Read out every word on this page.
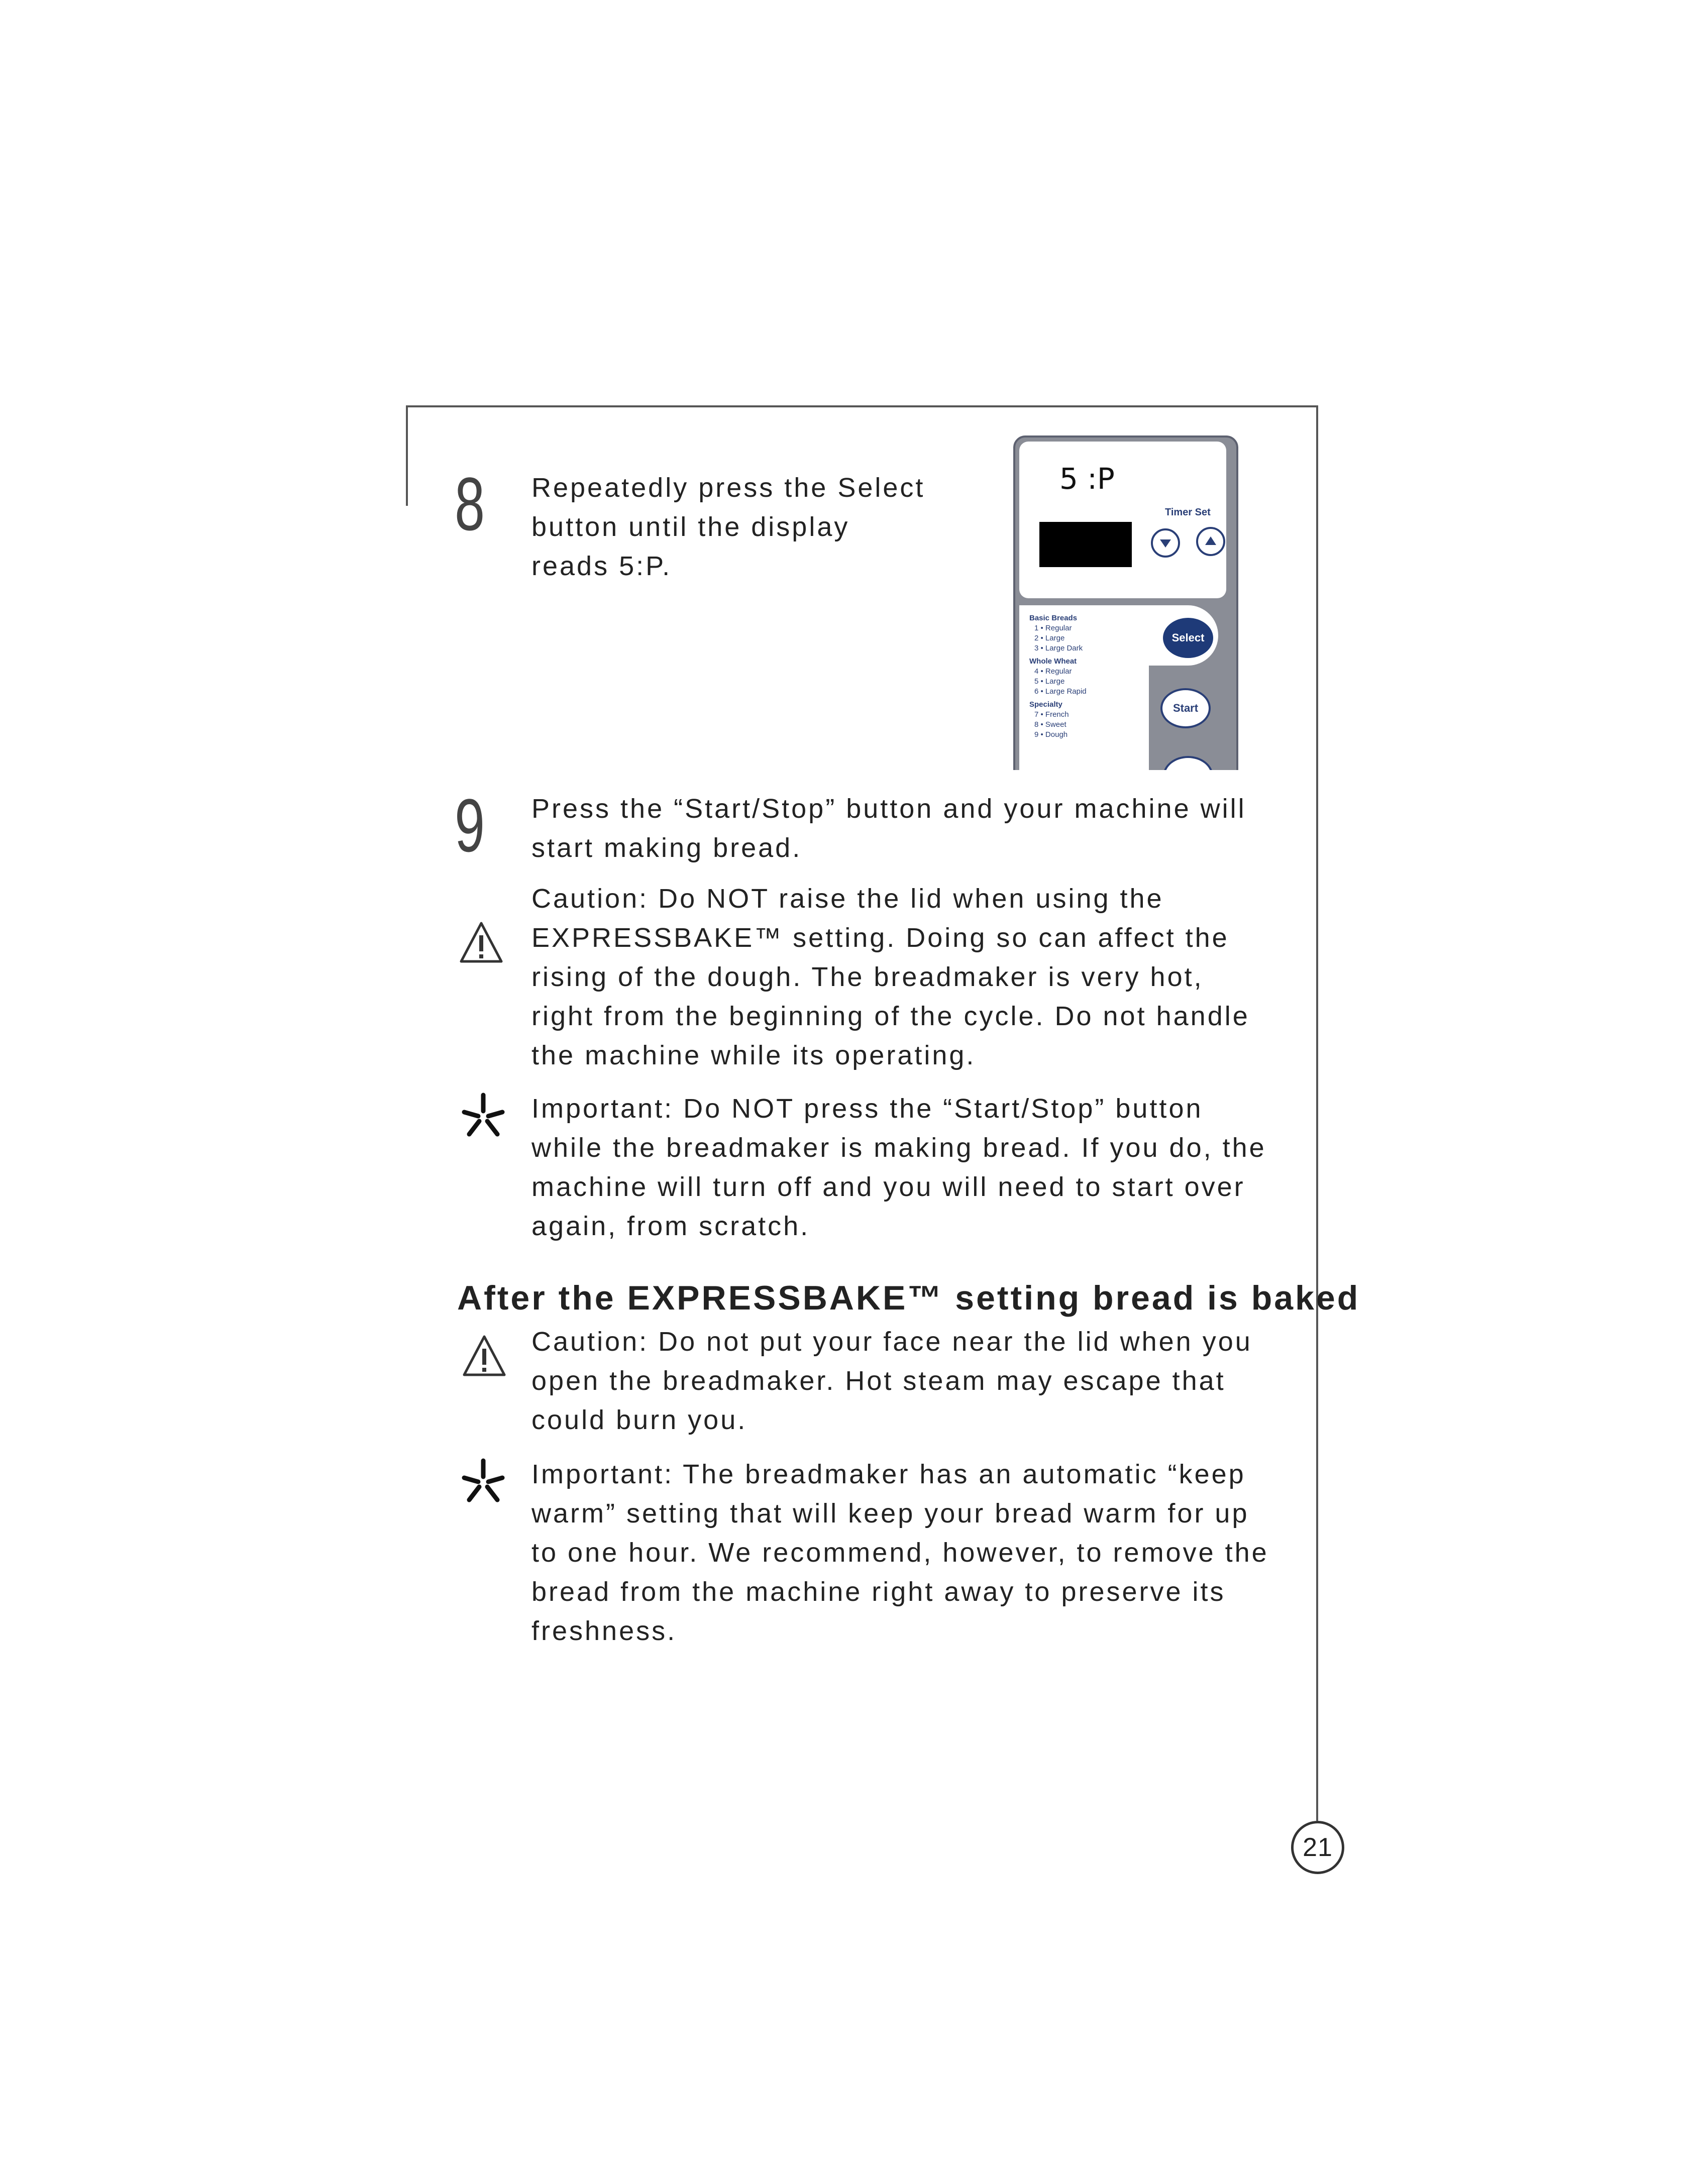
8 Repeatedly press the Select button until the display reads 5:P.

5 :P
Timer Set
Basic Breads
1 • Regular
2 • Large
3 • Large Dark
Whole Wheat
4 • Regular
5 • Large
6 • Large Rapid
Specialty
7 • French
8 • Sweet
9 • Dough
Select
Start
9 Press the “Start/Stop” button and your machine will start making bread.

Caution: Do NOT raise the lid when using the EXPRESSBAKE™ setting. Doing so can affect the rising of the dough. The breadmaker is very hot, right from the beginning of the cycle. Do not handle the machine while its operating.

Important: Do NOT press the “Start/Stop” button while the breadmaker is making bread. If you do, the machine will turn off and you will need to start over again, from scratch.

After the EXPRESSBAKE™ setting bread is baked

Caution: Do not put your face near the lid when you open the breadmaker. Hot steam may escape that could burn you.

Important: The breadmaker has an automatic “keep warm” setting that will keep your bread warm for up to one hour. We recommend, however, to remove the bread from the machine right away to preserve its freshness.

21
